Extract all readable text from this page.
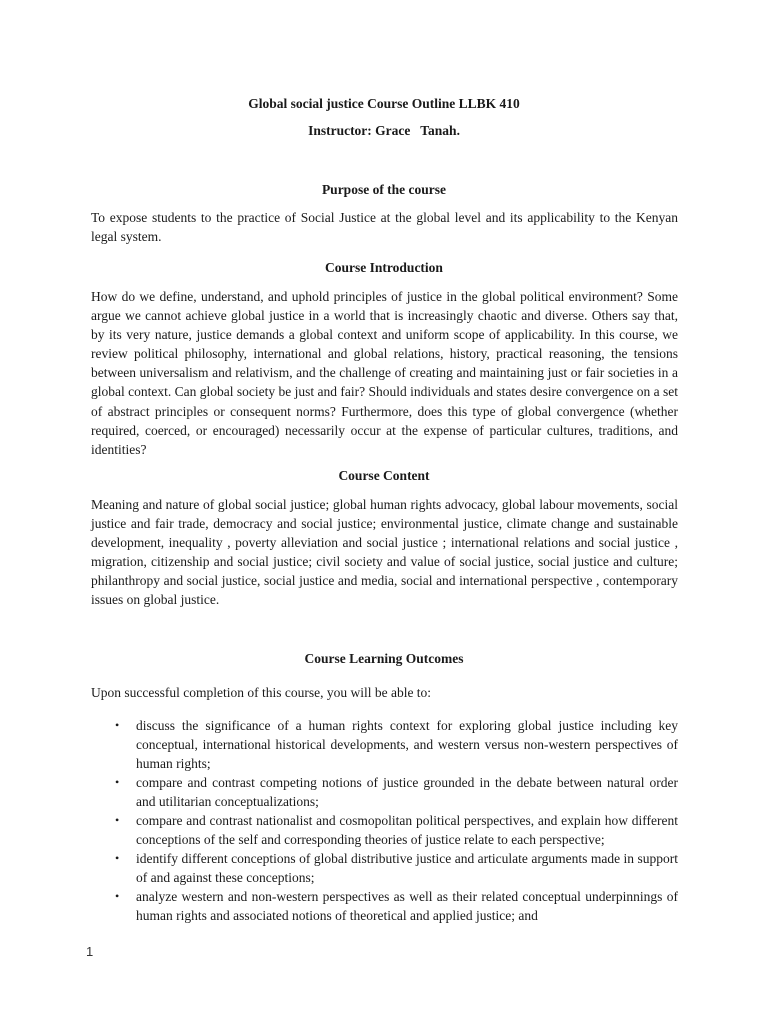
Global social justice Course Outline LLBK 410
Instructor: Grace   Tanah.
Purpose of the course

To expose students to the practice of Social Justice at the global level and its applicability to the Kenyan legal system.

Course Introduction

How do we define, understand, and uphold principles of justice in the global political environment? Some argue we cannot achieve global justice in a world that is increasingly chaotic and diverse. Others say that, by its very nature, justice demands a global context and uniform scope of applicability. In this course, we review political philosophy, international and global relations, history, practical reasoning, the tensions between universalism and relativism, and the challenge of creating and maintaining just or fair societies in a global context. Can global society be just and fair? Should individuals and states desire convergence on a set of abstract principles or consequent norms? Furthermore, does this type of global convergence (whether required, coerced, or encouraged) necessarily occur at the expense of particular cultures, traditions, and identities?

Course Content

Meaning and nature of global social justice; global human rights advocacy, global labour movements, social justice and fair trade, democracy and social justice; environmental justice, climate change and sustainable development, inequality , poverty alleviation and social justice ; international relations and social justice , migration, citizenship and social justice; civil society and value of social justice, social justice and culture; philanthropy and social justice, social justice and media, social and international perspective , contemporary issues on global justice.

Course Learning Outcomes

Upon successful completion of this course, you will be able to:

• discuss the significance of a human rights context for exploring global justice including key conceptual, international historical developments, and western versus non-western perspectives of human rights;
• compare and contrast competing notions of justice grounded in the debate between natural order and utilitarian conceptualizations;
• compare and contrast nationalist and cosmopolitan political perspectives, and explain how different conceptions of the self and corresponding theories of justice relate to each perspective;
• identify different conceptions of global distributive justice and articulate arguments made in support of and against these conceptions;
• analyze western and non-western perspectives as well as their related conceptual underpinnings of human rights and associated notions of theoretical and applied justice; and
1
